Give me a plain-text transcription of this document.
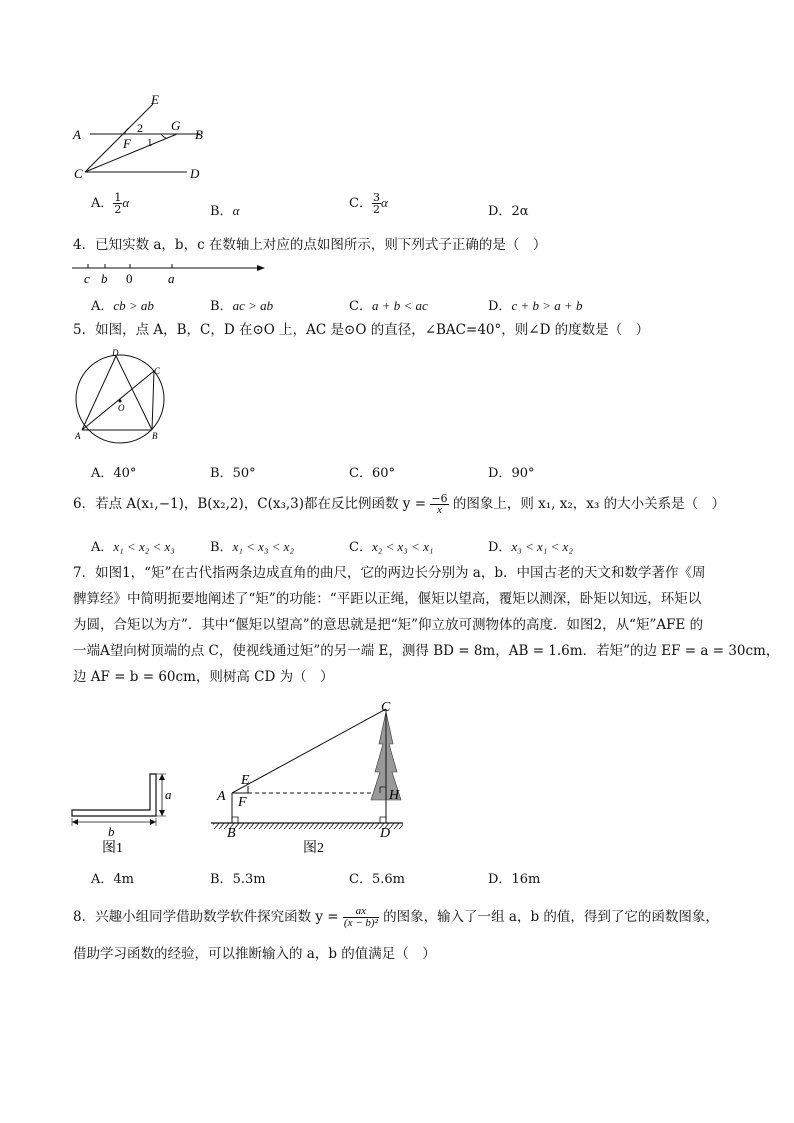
E
A	2 G
B
F 1
C	D
A． $\frac{1}{2}$ α
B．α	C． $\frac{3}{2}$ α
D．2α
4．已知实数 a，b，c 在数轴上对应的点如图所示，则下列式子正确的是（　）
c b 0	a
A．cb > ab	B．ac > ab	C．a + b < ac	D．c + b > a + b
5．如图，点 A，B，C，D 在⊙O 上，AC 是⊙O 的直径，∠BAC=40°，则∠D 的度数是（　）
D
C
O
A	B
A．40°	B．50°	C．60°	D．90°
6．若点 A(x₁,−1)，B(x₂,2)，C(x₃,3)都在反比例函数 $y = \frac{-6}{x}$ 的图象上，则 x₁, x₂，x₃ 的大小关系是（　）
A．x₁ < x₂ < x₃	B．x₁ < x₃ < x₂	C．x₂ < x₃ < x₁	D．x₃ < x₁ < x₂
7．如图1，“矩”在古代指两条边成直角的曲尺，它的两边长分别为 a，b．中国古老的天文和数学著作《周
髀算经》中简明扼要地阐述了“矩”的功能：“平距以正绳，偃矩以望高，覆矩以测深，卧矩以知远，环矩以
为圆，合矩以为方”．其中“偃矩以望高”的意思就是把“矩”仰立放可测物体的高度．如图2，从“矩”AFE 的
一端A望向树顶端的点 C，使视线通过矩”的另一端 E，测得 BD = 8m，AB = 1.6m．若矩”的边 EF = a = 30cm，
边 AF = b = 60cm，则树高 CD 为（　）
a
b
图1
C
E
A F	H
B	D
图2
A．4m	B．5.3m	C．5.6m	D．16m
8．兴趣小组同学借助数学软件探究函数 $y = \frac{ax}{\text{(x − b)²}}$ 的图象，输入了一组 a，b 的值，得到了它的函数图象，
借助学习函数的经验，可以推断输入的 a，b 的值满足（　）
